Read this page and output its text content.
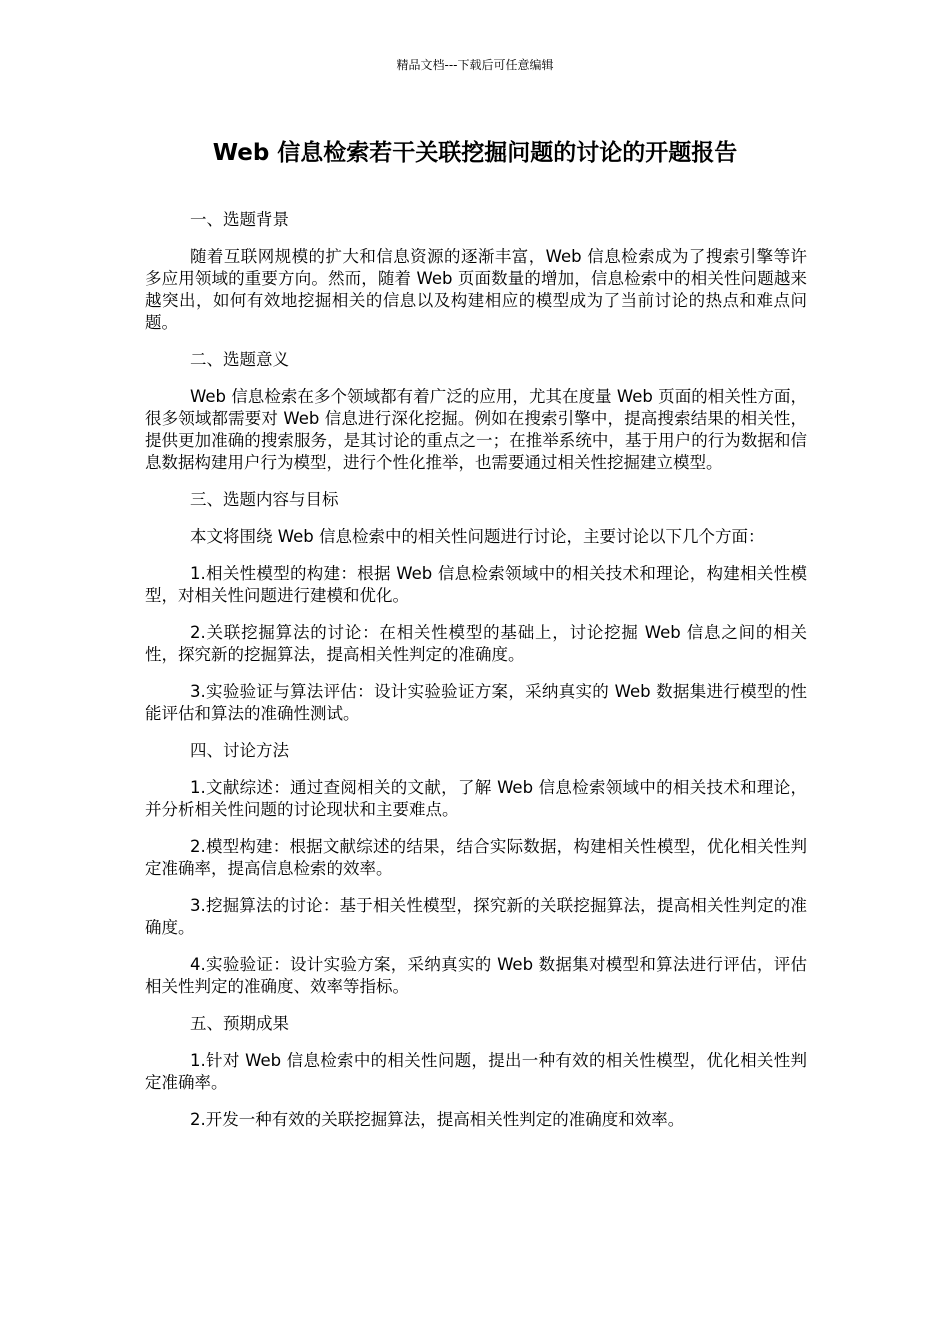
精品文档---下载后可任意编辑
Web 信息检索若干关联挖掘问题的讨论的开题报告

一、选题背景

随着互联网规模的扩大和信息资源的逐渐丰富，Web 信息检索成为了搜索引擎等许多应用领域的重要方向。然而，随着 Web 页面数量的增加，信息检索中的相关性问题越来越突出，如何有效地挖掘相关的信息以及构建相应的模型成为了当前讨论的热点和难点问题。

二、选题意义

Web 信息检索在多个领域都有着广泛的应用，尤其在度量 Web 页面的相关性方面，很多领域都需要对 Web 信息进行深化挖掘。例如在搜索引擎中，提高搜索结果的相关性，提供更加准确的搜索服务，是其讨论的重点之一；在推举系统中，基于用户的行为数据和信息数据构建用户行为模型，进行个性化推举，也需要通过相关性挖掘建立模型。

三、选题内容与目标

本文将围绕 Web 信息检索中的相关性问题进行讨论，主要讨论以下几个方面：

1.相关性模型的构建：根据 Web 信息检索领域中的相关技术和理论，构建相关性模型，对相关性问题进行建模和优化。

2.关联挖掘算法的讨论：在相关性模型的基础上，讨论挖掘 Web 信息之间的相关性，探究新的挖掘算法，提高相关性判定的准确度。

3.实验验证与算法评估：设计实验验证方案，采纳真实的 Web 数据集进行模型的性能评估和算法的准确性测试。

四、讨论方法

1.文献综述：通过查阅相关的文献，了解 Web 信息检索领域中的相关技术和理论，并分析相关性问题的讨论现状和主要难点。

2.模型构建：根据文献综述的结果，结合实际数据，构建相关性模型，优化相关性判定准确率，提高信息检索的效率。

3.挖掘算法的讨论：基于相关性模型，探究新的关联挖掘算法，提高相关性判定的准确度。

4.实验验证：设计实验方案，采纳真实的 Web 数据集对模型和算法进行评估，评估相关性判定的准确度、效率等指标。

五、预期成果

1.针对 Web 信息检索中的相关性问题，提出一种有效的相关性模型，优化相关性判定准确率。

2.开发一种有效的关联挖掘算法，提高相关性判定的准确度和效率。
